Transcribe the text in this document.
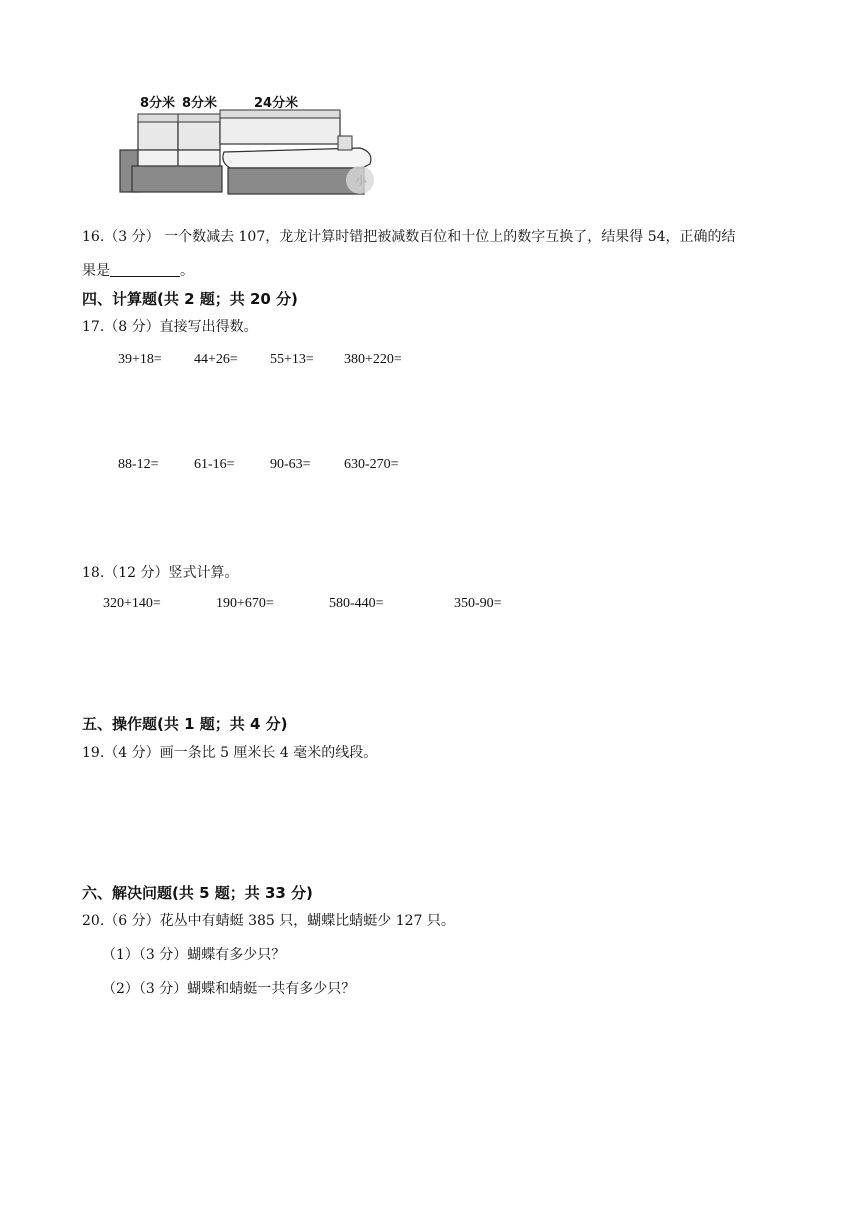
小
8分米 8分米	24分米
16.（3 分） 一个数减去 107，龙龙计算时错把被减数百位和十位上的数字互换了，结果得 54，正确的结
果是	。
四、计算题(共 2 题；共 20 分)
17.（8 分）直接写出得数。
39+18= 44+26= 55+13= 380+220=
88-12=	61-16=	90-63= 630-270=
18.（12 分）竖式计算。
320+140=	190+670=	580-440=	350-90=
五、操作题(共 1 题；共 4 分)
19.（4 分）画一条比 5 厘米长 4 毫米的线段。
六、解决问题(共 5 题；共 33 分)
20.（6 分）花丛中有蜻蜓 385 只，蝴蝶比蜻蜓少 127 只。
（1）（3 分）蝴蝶有多少只？
（2）（3 分）蝴蝶和蜻蜓一共有多少只？
